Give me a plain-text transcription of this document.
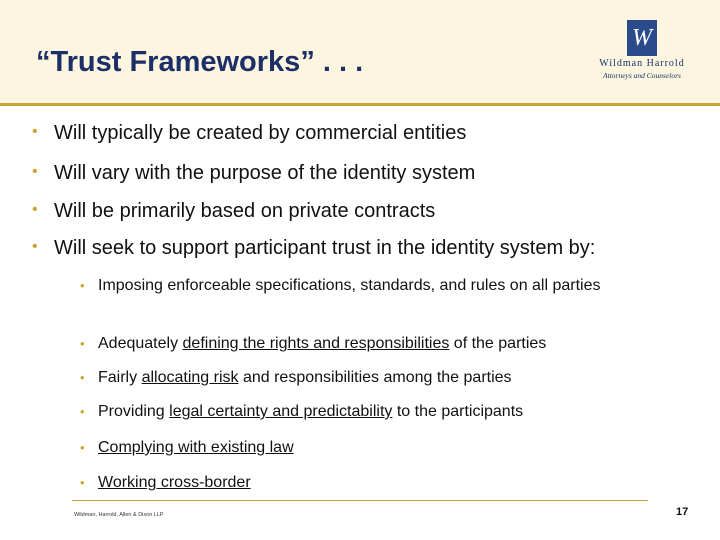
“Trust Frameworks” . . .
W
Wildman Harrold
Attorneys and Counselors
• Will typically be created by commercial entities
• Will vary with the purpose of the identity system
• Will be primarily based on private contracts
• Will seek to support participant trust in the identity system by:
• Imposing enforceable specifications, standards, and rules on all parties
• Adequately defining the rights and responsibilities of the parties
• Fairly allocating risk and responsibilities among the parties
• Providing legal certainty and predictability to the participants
• Complying with existing law
• Working cross-border
Wildman, Harrold, Allen & Dixon LLP	17
